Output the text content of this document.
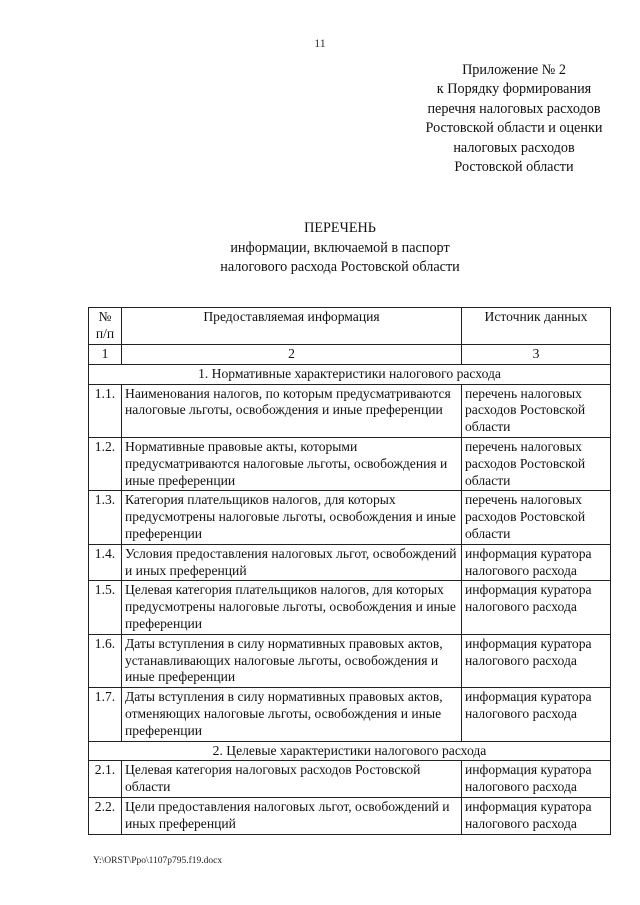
11
Приложение № 2
к Порядку формирования
перечня налоговых расходов
Ростовской области и оценки
налоговых расходов
Ростовской области
ПЕРЕЧЕНЬ
информации, включаемой в паспорт
налогового расхода Ростовской области
№ п/п	Предоставляемая информация	Источник данных
1	2	3
1. Нормативные характеристики налогового расхода		
1.1.	Наименования налогов, по которым предусматриваются налоговые льготы, освобождения и иные преференции	перечень налоговых расходов Ростовской области
1.2.	Нормативные правовые акты, которыми предусматриваются налоговые льготы, освобождения и иные преференции	перечень налоговых расходов Ростовской области
1.3.	Категория плательщиков налогов, для которых предусмотрены налоговые льготы, освобождения и иные преференции	перечень налоговых расходов Ростовской области
1.4.	Условия предоставления налоговых льгот, освобождений и иных преференций	информация куратора налогового расхода
1.5.	Целевая категория плательщиков налогов, для которых предусмотрены налоговые льготы, освобождения и иные преференции	информация куратора налогового расхода
1.6.	Даты вступления в силу нормативных правовых актов, устанавливающих налоговые льготы, освобождения и иные преференции	информация куратора налогового расхода
1.7.	Даты вступления в силу нормативных правовых актов, отменяющих налоговые льготы, освобождения и иные преференции	информация куратора налогового расхода
2. Целевые характеристики налогового расхода		
2.1.	Целевая категория налоговых расходов Ростовской области	информация куратора налогового расхода
2.2.	Цели предоставления налоговых льгот, освобождений и иных преференций	информация куратора налогового расхода
Y:\ORST\Ppo\1107p795.f19.docx
